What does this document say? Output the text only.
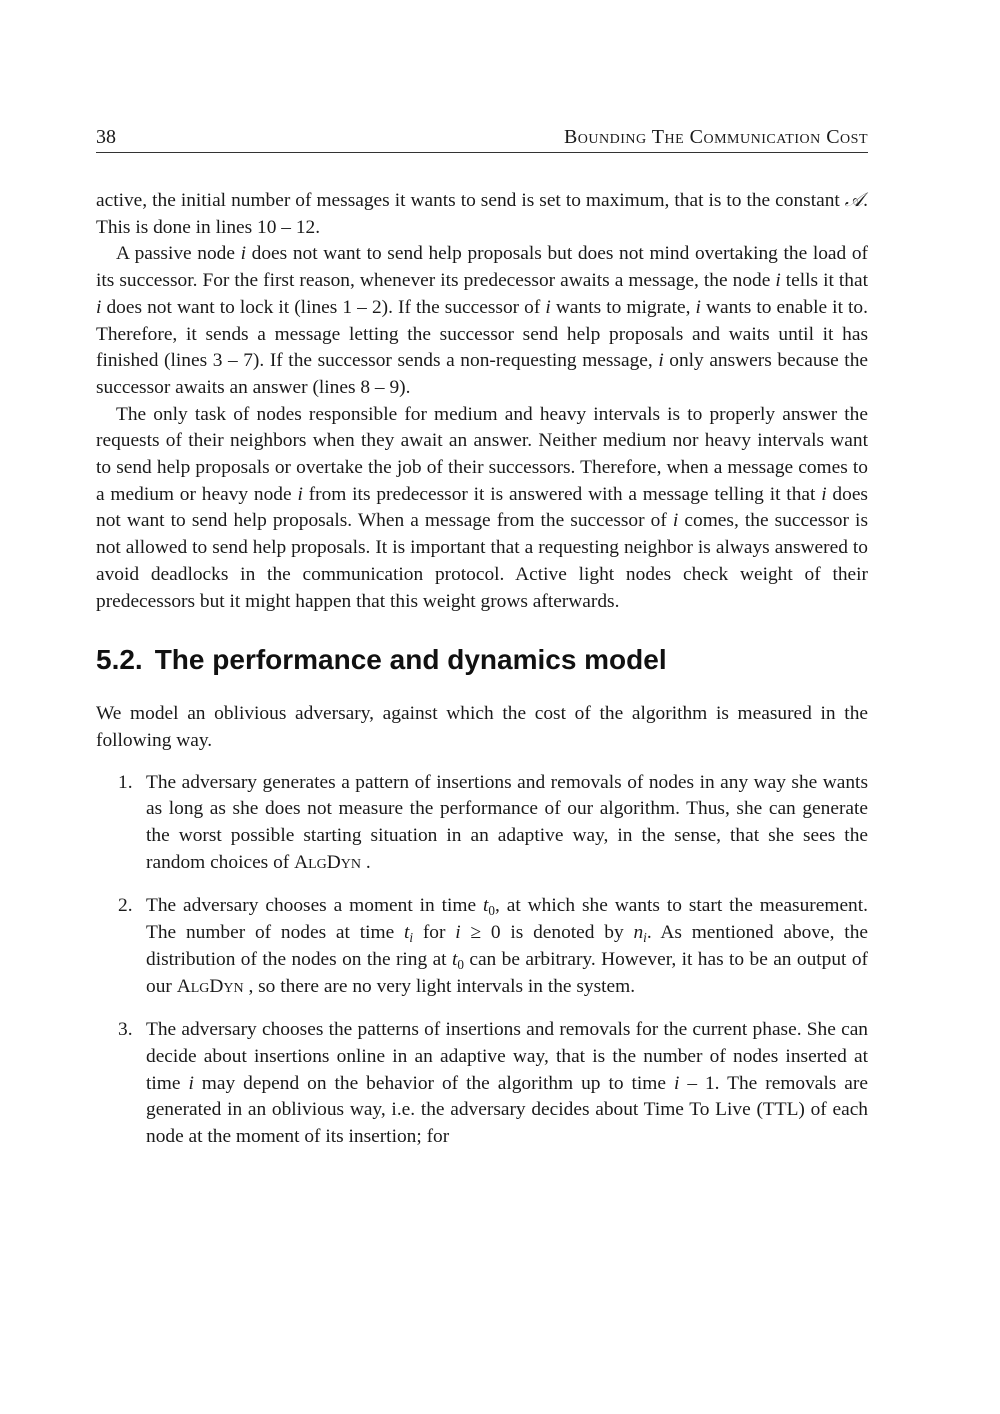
38	Bounding The Communication Cost

active, the initial number of messages it wants to send is set to maximum, that is to the constant 𝒜. This is done in lines 10 – 12.

A passive node i does not want to send help proposals but does not mind overtaking the load of its successor. For the first reason, whenever its predecessor awaits a message, the node i tells it that i does not want to lock it (lines 1 – 2). If the successor of i wants to migrate, i wants to enable it to. Therefore, it sends a message letting the successor send help proposals and waits until it has finished (lines 3 – 7). If the successor sends a non-requesting message, i only answers because the successor awaits an answer (lines 8 – 9).

The only task of nodes responsible for medium and heavy intervals is to properly answer the requests of their neighbors when they await an answer. Neither medium nor heavy intervals want to send help proposals or overtake the job of their successors. Therefore, when a message comes to a medium or heavy node i from its predecessor it is answered with a message telling it that i does not want to send help proposals. When a message from the successor of i comes, the successor is not allowed to send help proposals. It is important that a requesting neighbor is always answered to avoid deadlocks in the communication protocol. Active light nodes check weight of their predecessors but it might happen that this weight grows afterwards.

5.2. The performance and dynamics model

We model an oblivious adversary, against which the cost of the algorithm is measured in the following way.

1. The adversary generates a pattern of insertions and removals of nodes in any way she wants as long as she does not measure the performance of our algorithm. Thus, she can generate the worst possible starting situation in an adaptive way, in the sense, that she sees the random choices of AlgDyn .
2. The adversary chooses a moment in time $t_0$, at which she wants to start the measurement. The number of nodes at time $t_i$ for i ≥ 0 is denoted by $n_i$. As mentioned above, the distribution of the nodes on the ring at $t_0$ can be arbitrary. However, it has to be an output of our AlgDyn , so there are no very light intervals in the system.
3. The adversary chooses the patterns of insertions and removals for the current phase. She can decide about insertions online in an adaptive way, that is the number of nodes inserted at time i may depend on the behavior of the algorithm up to time i – 1. The removals are generated in an oblivious way, i.e. the adversary decides about Time To Live (TTL) of each node at the moment of its insertion; for
